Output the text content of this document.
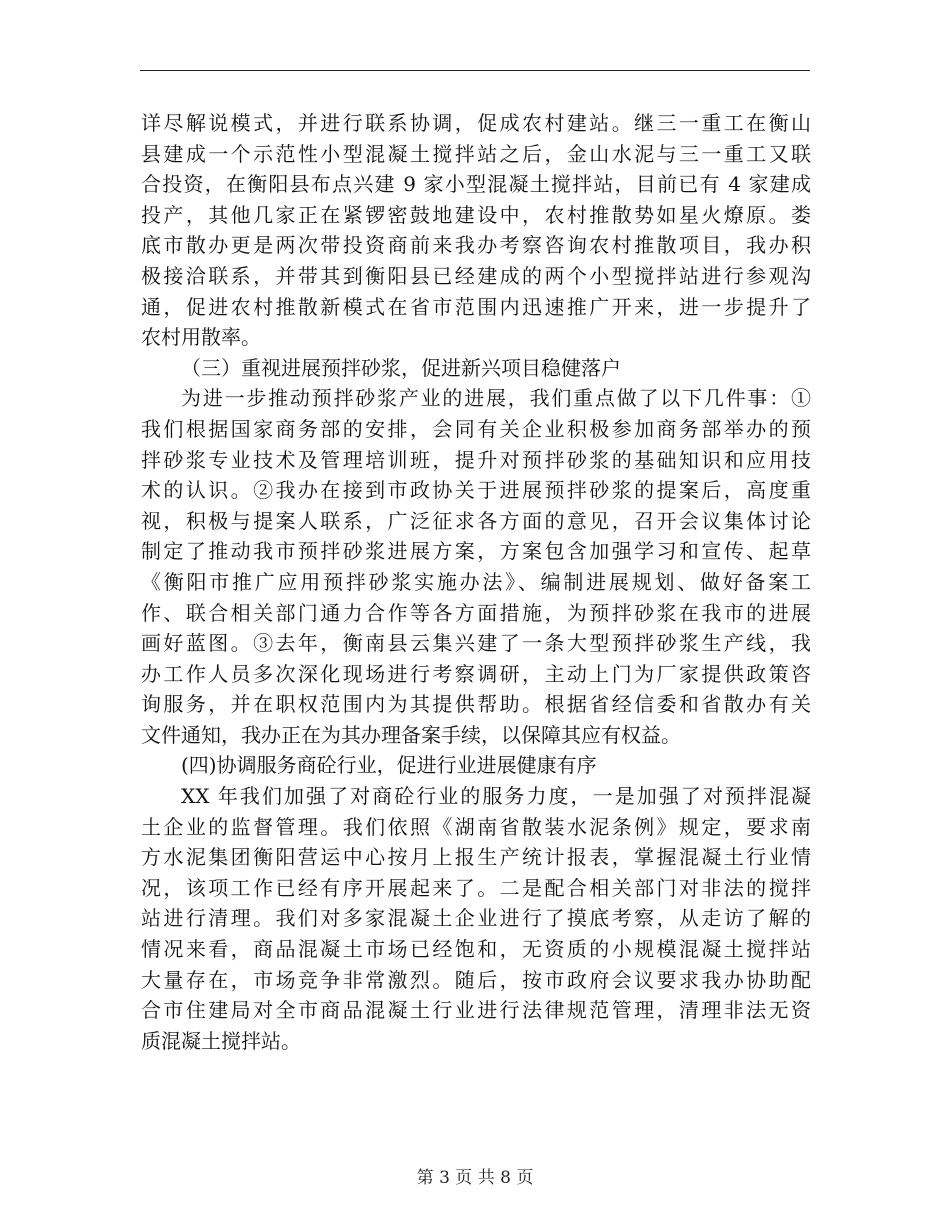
详尽解说模式，并进行联系协调，促成农村建站。继三一重工在衡山
县建成一个示范性小型混凝土搅拌站之后，金山水泥与三一重工又联
合投资，在衡阳县布点兴建 9 家小型混凝土搅拌站，目前已有 4 家建成
投产，其他几家正在紧锣密鼓地建设中，农村推散势如星火燎原。娄
底市散办更是两次带投资商前来我办考察咨询农村推散项目，我办积
极接洽联系，并带其到衡阳县已经建成的两个小型搅拌站进行参观沟
通，促进农村推散新模式在省市范围内迅速推广开来，进一步提升了
农村用散率。
（三）重视进展预拌砂浆，促进新兴项目稳健落户
为进一步推动预拌砂浆产业的进展，我们重点做了以下几件事：①
我们根据国家商务部的安排，会同有关企业积极参加商务部举办的预
拌砂浆专业技术及管理培训班，提升对预拌砂浆的基础知识和应用技
术的认识。②我办在接到市政协关于进展预拌砂浆的提案后，高度重
视，积极与提案人联系，广泛征求各方面的意见，召开会议集体讨论
制定了推动我市预拌砂浆进展方案，方案包含加强学习和宣传、起草
《衡阳市推广应用预拌砂浆实施办法》、编制进展规划、做好备案工
作、联合相关部门通力合作等各方面措施，为预拌砂浆在我市的进展
画好蓝图。③去年，衡南县云集兴建了一条大型预拌砂浆生产线，我
办工作人员多次深化现场进行考察调研，主动上门为厂家提供政策咨
询服务，并在职权范围内为其提供帮助。根据省经信委和省散办有关
文件通知，我办正在为其办理备案手续，以保障其应有权益。
(四)协调服务商砼行业，促进行业进展健康有序
XX 年我们加强了对商砼行业的服务力度，一是加强了对预拌混凝
土企业的监督管理。我们依照《湖南省散装水泥条例》规定，要求南
方水泥集团衡阳营运中心按月上报生产统计报表，掌握混凝土行业情
况，该项工作已经有序开展起来了。二是配合相关部门对非法的搅拌
站进行清理。我们对多家混凝土企业进行了摸底考察，从走访了解的
情况来看，商品混凝土市场已经饱和，无资质的小规模混凝土搅拌站
大量存在，市场竞争非常激烈。随后，按市政府会议要求我办协助配
合市住建局对全市商品混凝土行业进行法律规范管理，清理非法无资
质混凝土搅拌站。
第 3 页 共 8 页
